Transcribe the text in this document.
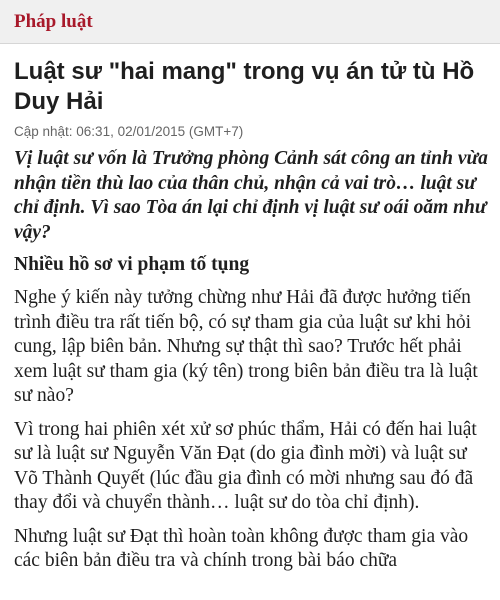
Pháp luật
Luật sư "hai mang" trong vụ án tử tù Hồ Duy Hải
Cập nhật: 06:31, 02/01/2015 (GMT+7)

Vị luật sư vốn là Trưởng phòng Cảnh sát công an tỉnh vừa nhận tiền thù lao của thân chủ, nhận cả vai trò… luật sư chỉ định. Vì sao Tòa án lại chỉ định vị luật sư oái oăm như vậy?

Nhiều hồ sơ vi phạm tố tụng

Nghe ý kiến này tưởng chừng như Hải đã được hưởng tiến trình điều tra rất tiến bộ, có sự tham gia của luật sư khi hỏi cung, lập biên bản. Nhưng sự thật thì sao? Trước hết phải xem luật sư tham gia (ký tên) trong biên bản điều tra là luật sư nào?

Vì trong hai phiên xét xử sơ phúc thẩm, Hải có đến hai luật sư là luật sư Nguyễn Văn Đạt (do gia đình mời) và luật sư Võ Thành Quyết (lúc đầu gia đình có mời nhưng sau đó đã thay đổi và chuyển thành… luật sư do tòa chỉ định).

Nhưng luật sư Đạt thì hoàn toàn không được tham gia vào các biên bản điều tra và chính trong bài báo chữa
